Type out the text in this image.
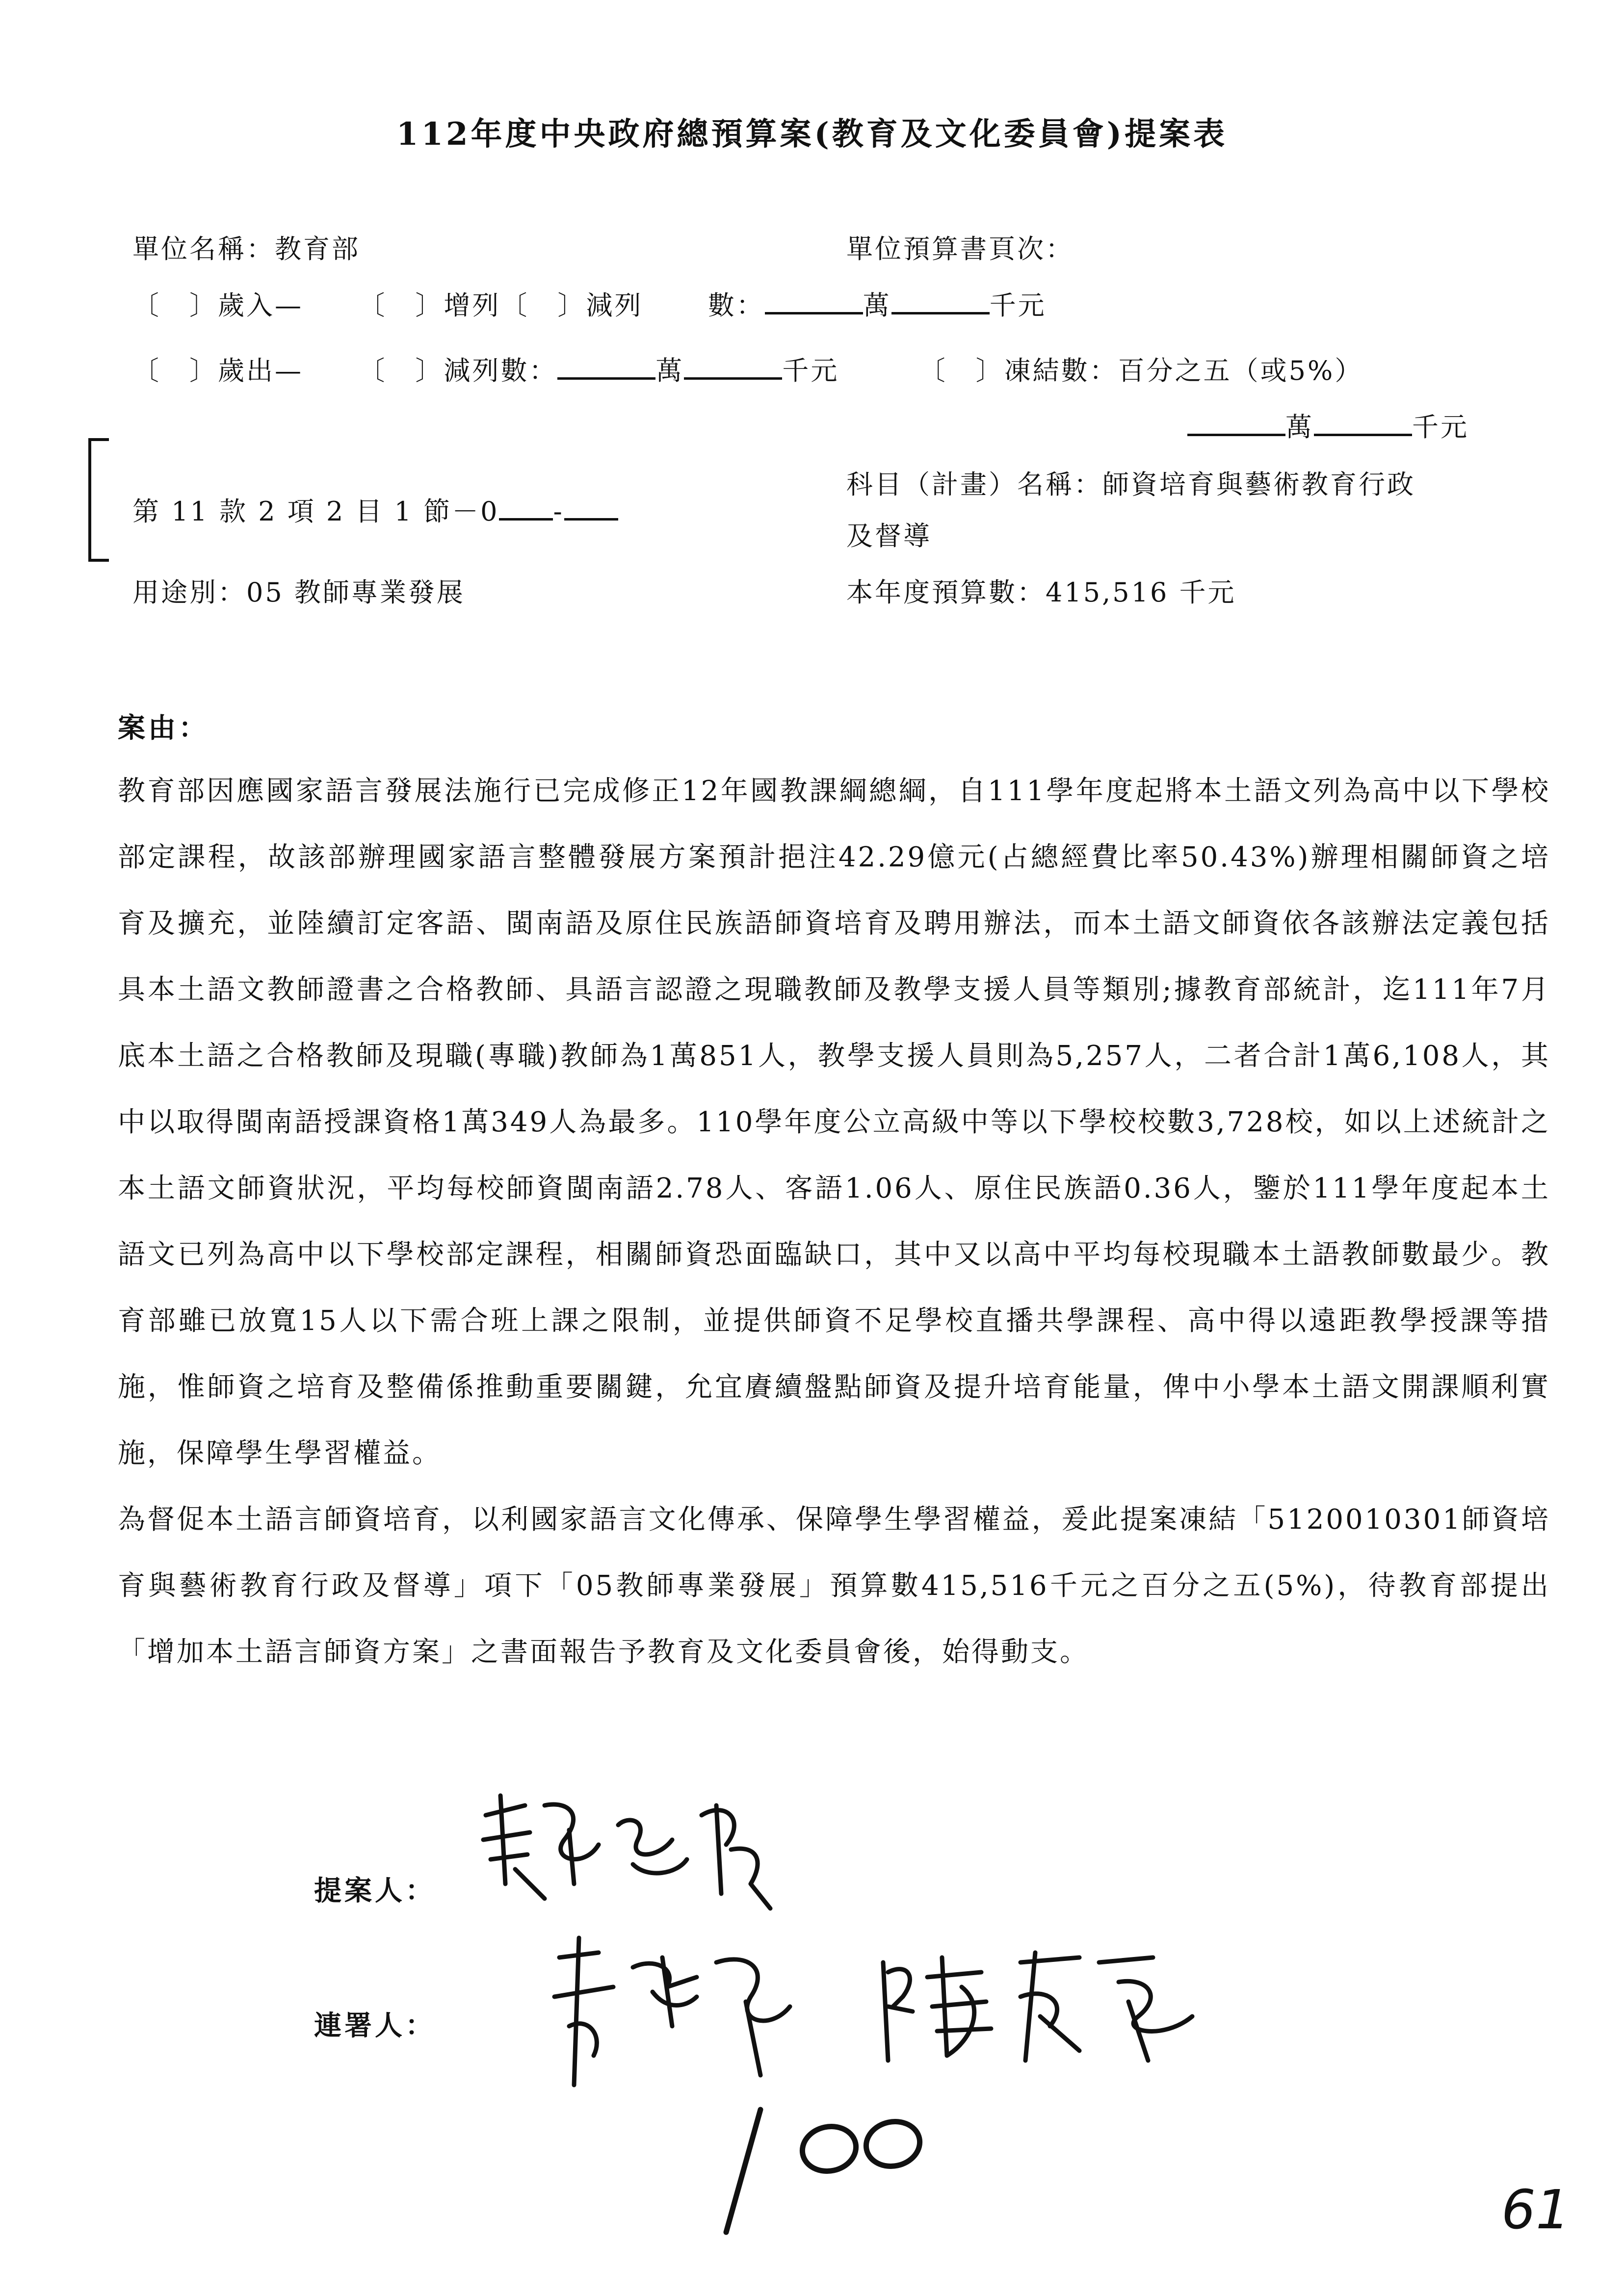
112年度中央政府總預算案(教育及文化委員會)提案表
單位名稱：教育部	單位預算書頁次：
〔　〕歲入— 〔　〕增列〔　〕減列 數：	萬	千元
〔　〕歲出— 〔　〕減列數：	萬	千元	〔　〕凍結數：百分之五（或5%）
萬	千元
第 11 款 2 項 2 目 1 節－0 -
科目（計畫）名稱：師資培育與藝術教育行政
及督導
用途別：05 教師專業發展	本年度預算數：415,516 千元
案由：

教育部因應國家語言發展法施行已完成修正12年國教課綱總綱，自111學年度起將本土語文列為高中以下學校部定課程，故該部辦理國家語言整體發展方案預計挹注42.29億元(占總經費比率50.43%)辦理相關師資之培育及擴充，並陸續訂定客語、閩南語及原住民族語師資培育及聘用辦法，而本土語文師資依各該辦法定義包括具本土語文教師證書之合格教師、具語言認證之現職教師及教學支援人員等類別;據教育部統計，迄111年7月底本土語之合格教師及現職(專職)教師為1萬851人，教學支援人員則為5,257人，二者合計1萬6,108人，其中以取得閩南語授課資格1萬349人為最多。110學年度公立高級中等以下學校校數3,728校，如以上述統計之本土語文師資狀況，平均每校師資閩南語2.78人、客語1.06人、原住民族語0.36人，鑒於111學年度起本土語文已列為高中以下學校部定課程，相關師資恐面臨缺口，其中又以高中平均每校現職本土語教師數最少。教育部雖已放寬15人以下需合班上課之限制，並提供師資不足學校直播共學課程、高中得以遠距教學授課等措施，惟師資之培育及整備係推動重要關鍵，允宜賡續盤點師資及提升培育能量，俾中小學本土語文開課順利實施，保障學生學習權益。

為督促本土語言師資培育，以利國家語言文化傳承、保障學生學習權益，爰此提案凍結「5120010301師資培育與藝術教育行政及督導」項下「05教師專業發展」預算數415,516千元之百分之五(5%)，待教育部提出「增加本土語言師資方案」之書面報告予教育及文化委員會後，始得動支。

提案人：
連署人：
61
